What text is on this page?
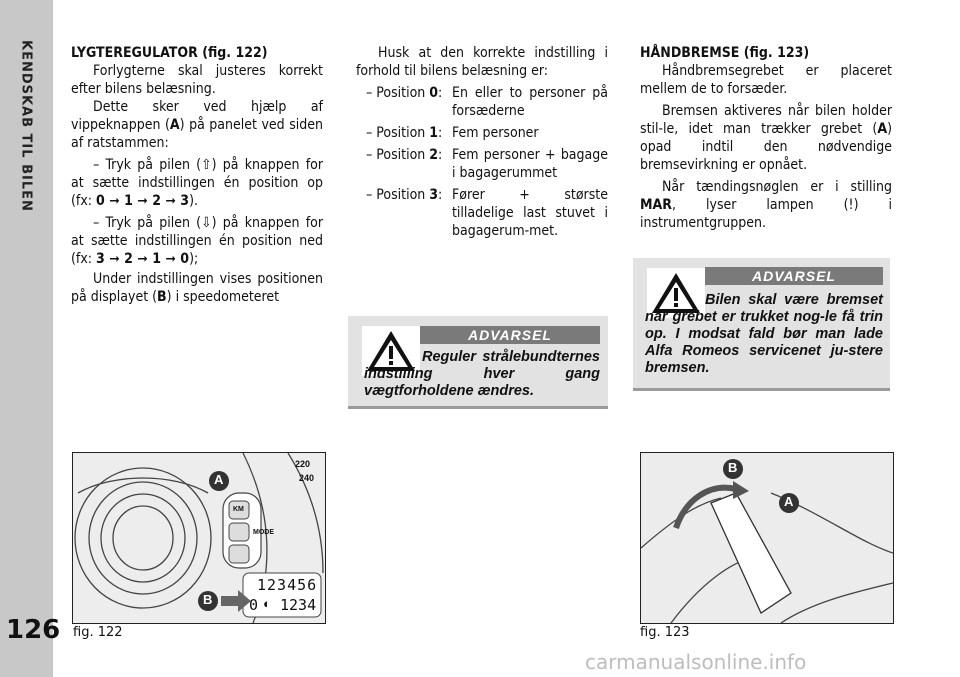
KENDSKAB TIL BILEN
126

LYGTEREGULATOR (fig. 122)

Forlygterne skal justeres korrekt efter bilens belæsning.

Dette sker ved hjælp af vippeknappen (A) på panelet ved siden af ratstammen:

– Tryk på pilen (⇧) på knappen for at sætte indstillingen én position op (fx: 0 ➞ 1 ➞ 2 ➞ 3).

– Tryk på pilen (⇩) på knappen for at sætte indstillingen én position ned (fx: 3 ➞ 2 ➞ 1 ➞ 0);

Under indstillingen vises positionen på displayet (B) i speedometeret

Husk at den korrekte indstilling i forhold til bilens belæsning er:

– Position 0: En eller to personer på forsæderne
– Position 1: Fem personer
– Position 2: Fem personer + bagage i bagagerummet
– Position 3: Fører + største tilladelige last stuvet i bagagerum-met.
ADVARSEL
Reguler strålebundternes indstilling hver gang vægtforholdene ændres.

HÅNDBREMSE (fig. 123)

Håndbremsegrebet er placeret mellem de to forsæder.

Bremsen aktiveres når bilen holder stil-le, idet man trækker grebet (A) opad indtil den nødvendige bremsevirkning er opnået.

Når tændingsnøglen er i stilling MAR, lyser lampen (!) i instrumentgruppen.

ADVARSEL
Bilen skal være bremset når grebet er trukket nog-le få trin op. I modsat fald bør man lade Alfa Romeos servicenet ju-stere bremsen.
A
B
220
240
KM
MODE
123456
0 ◐ 1234
fig. 122
B
A
fig. 123
carmanualsonline.info
